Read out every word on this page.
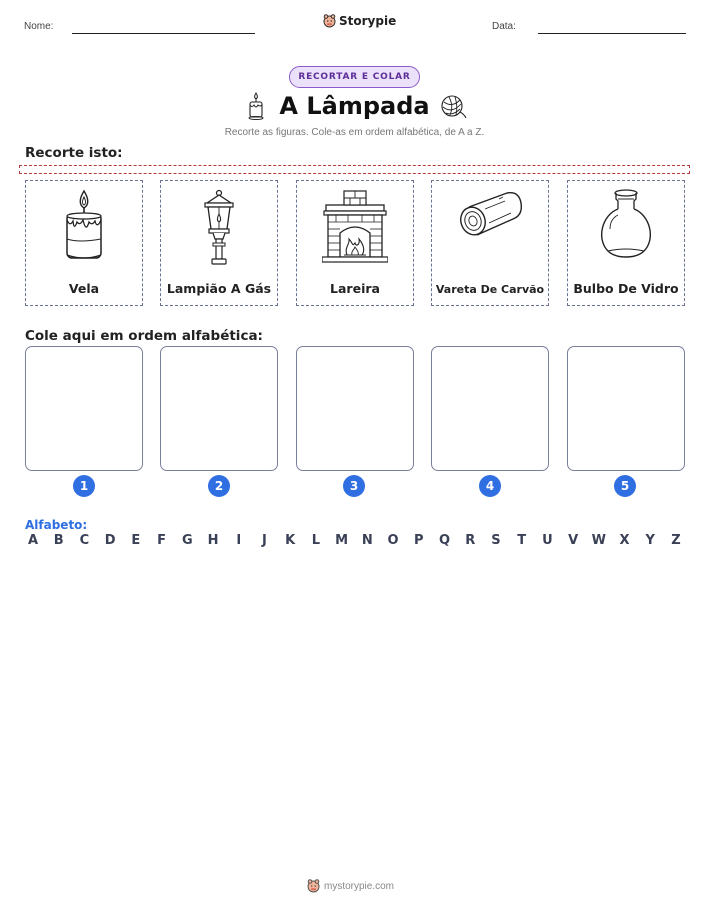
Nome:	Storypie	Data:
RECORTAR E COLAR
A Lâmpada
Recorte as figuras. Cole-as em ordem alfabética, de A a Z.
Recorte isto:
Vela	Lampião A Gás	Lareira	Vareta De Carvão	Bulbo De Vidro
Cole aqui em ordem alfabética:
1	2	3	4	5
Alfabeto:
A B C D E F G H	I	J	K L M N O P Q R S T U V W X Y Z
mystorypie.com
